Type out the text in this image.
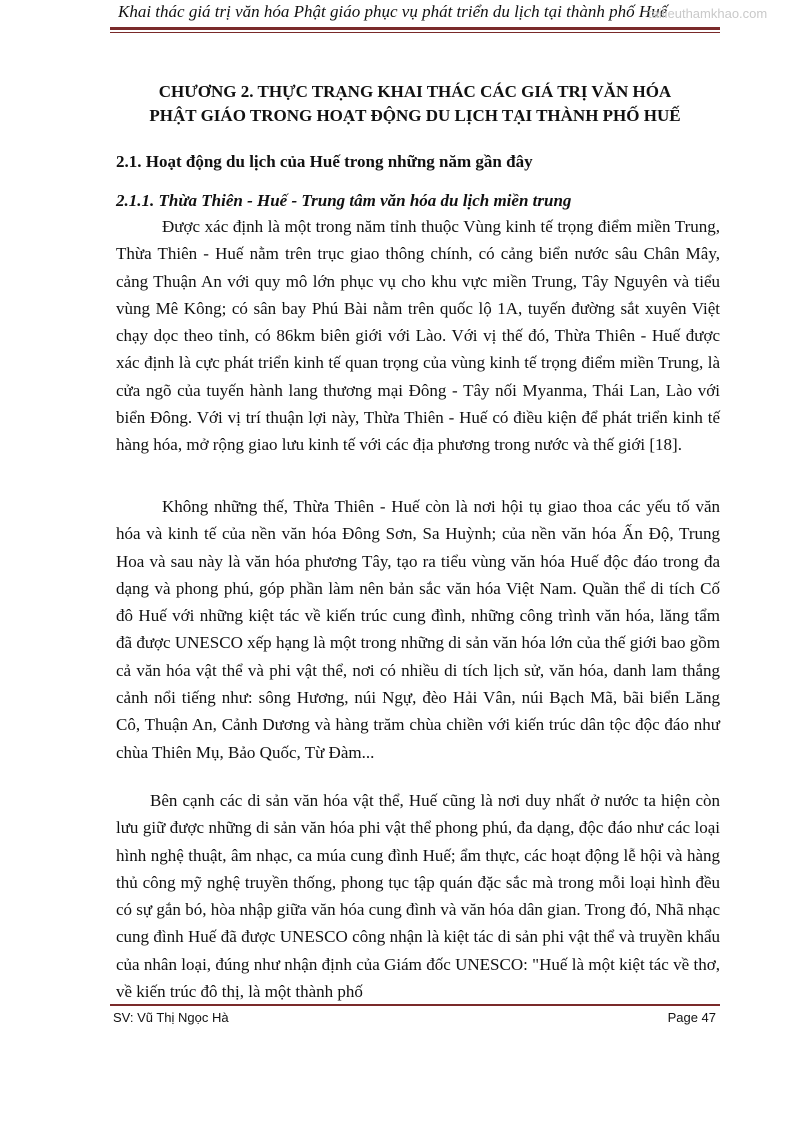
Khai thác giá trị văn hóa Phật giáo phục vụ phát triển du lịch tại thành phố Huế
tailieuthamkhao.com
CHƯƠNG 2. THỰC TRẠNG KHAI THÁC CÁC GIÁ TRỊ VĂN HÓA
PHẬT GIÁO TRONG HOẠT ĐỘNG DU LỊCH TẠI THÀNH PHỐ HUẾ
2.1. Hoạt động du lịch của Huế trong những năm gần đây
2.1.1. Thừa Thiên - Huế - Trung tâm văn hóa du lịch miền trung
Được xác định là một trong năm tỉnh thuộc Vùng kinh tế trọng điểm miền Trung, Thừa Thiên - Huế nằm trên trục giao thông chính, có cảng biển nước sâu Chân Mây, cảng Thuận An với quy mô lớn phục vụ cho khu vực miền Trung, Tây Nguyên và tiểu vùng Mê Kông; có sân bay Phú Bài nằm trên quốc lộ 1A, tuyến đường sắt xuyên Việt chạy dọc theo tỉnh, có 86km biên giới với Lào. Với vị thế đó, Thừa Thiên - Huế được xác định là cực phát triển kinh tế quan trọng của vùng kinh tế trọng điểm miền Trung, là cửa ngõ của tuyến hành lang thương mại Đông - Tây nối Myanma, Thái Lan, Lào với biển Đông. Với vị trí thuận lợi này, Thừa Thiên - Huế có điều kiện để phát triển kinh tế hàng hóa, mở rộng giao lưu kinh tế với các địa phương trong nước và thế giới [18].
Không những thế, Thừa Thiên - Huế còn là nơi hội tụ giao thoa các yếu tố văn hóa và kinh tế của nền văn hóa Đông Sơn, Sa Huỳnh; của nền văn hóa Ấn Độ, Trung Hoa và sau này là văn hóa phương Tây, tạo ra tiểu vùng văn hóa Huế độc đáo trong đa dạng và phong phú, góp phần làm nên bản sắc văn hóa Việt Nam. Quần thể di tích Cố đô Huế với những kiệt tác về kiến trúc cung đình, những công trình văn hóa, lăng tẩm đã được UNESCO xếp hạng là một trong những di sản văn hóa lớn của thế giới bao gồm cả văn hóa vật thể và phi vật thể, nơi có nhiều di tích lịch sử, văn hóa, danh lam thắng cảnh nổi tiếng như: sông Hương, núi Ngự, đèo Hải Vân, núi Bạch Mã, bãi biển Lăng Cô, Thuận An, Cảnh Dương và hàng trăm chùa chiền với kiến trúc dân tộc độc đáo như chùa Thiên Mụ, Bảo Quốc, Từ Đàm...
Bên cạnh các di sản văn hóa vật thể, Huế cũng là nơi duy nhất ở nước ta hiện còn lưu giữ được những di sản văn hóa phi vật thể phong phú, đa dạng, độc đáo như các loại hình nghệ thuật, âm nhạc, ca múa cung đình Huế; ẩm thực, các hoạt động lễ hội và hàng thủ công mỹ nghệ truyền thống, phong tục tập quán đặc sắc mà trong mỗi loại hình đều có sự gắn bó, hòa nhập giữa văn hóa cung đình và văn hóa dân gian. Trong đó, Nhã nhạc cung đình Huế đã được UNESCO công nhận là kiệt tác di sản phi vật thể và truyền khẩu của nhân loại, đúng như nhận định của Giám đốc UNESCO: "Huế là một kiệt tác về thơ, về kiến trúc đô thị, là một thành phố
SV: Vũ Thị Ngọc Hà	Page 47
